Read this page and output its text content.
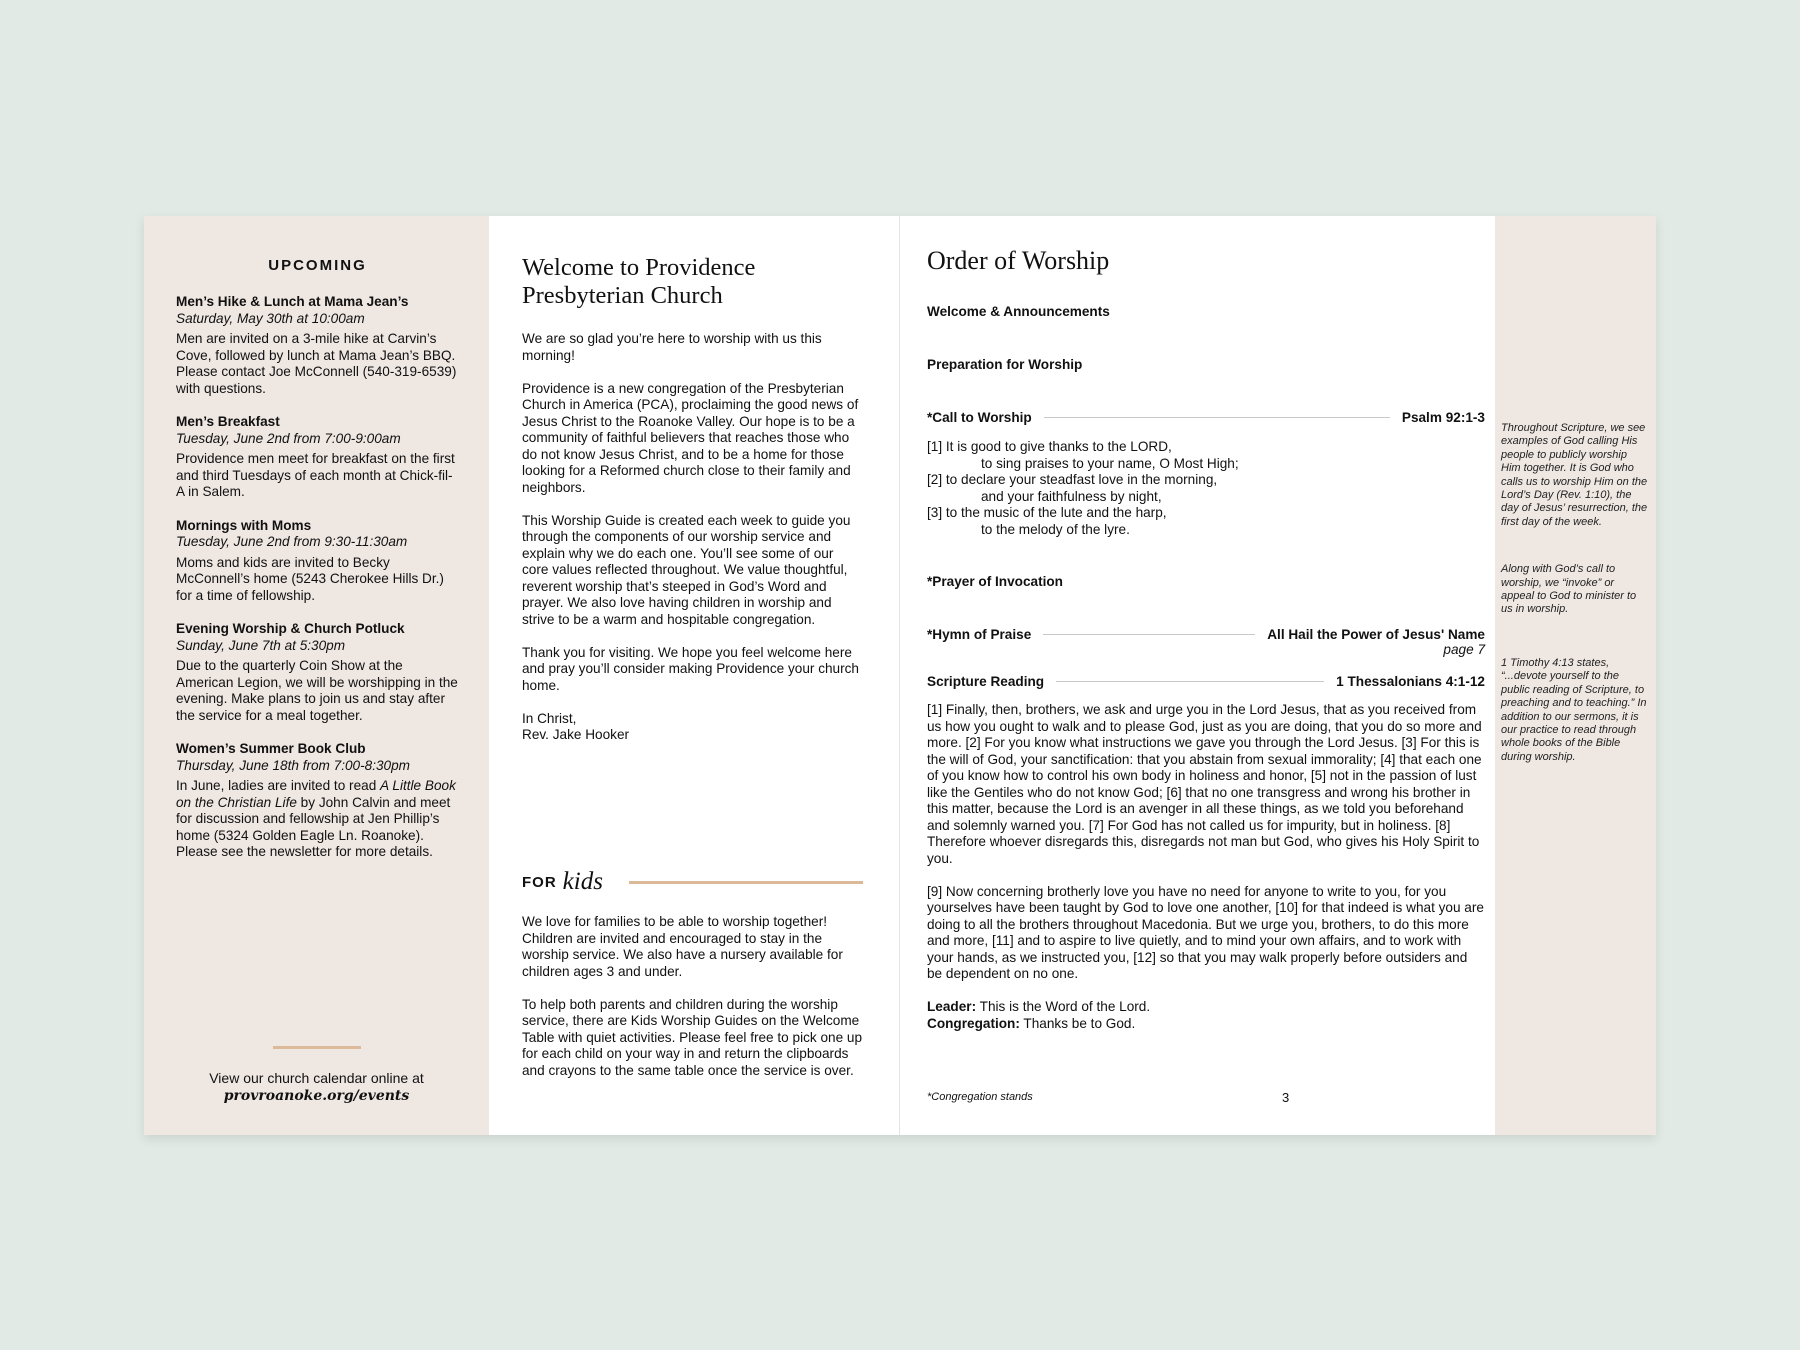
UPCOMING
Men’s Hike & Lunch at Mama Jean’s
Saturday, May 30th at 10:00am
Men are invited on a 3-mile hike at Carvin’s Cove, followed by lunch at Mama Jean’s BBQ. Please contact Joe McConnell (540-319-6539) with questions.
Men’s Breakfast
Tuesday, June 2nd from 7:00-9:00am
Providence men meet for breakfast on the first and third Tuesdays of each month at Chick-fil-A in Salem.
Mornings with Moms
Tuesday, June 2nd from 9:30-11:30am
Moms and kids are invited to Becky McConnell’s home (5243 Cherokee Hills Dr.) for a time of fellowship.
Evening Worship & Church Potluck
Sunday, June 7th at 5:30pm
Due to the quarterly Coin Show at the American Legion, we will be worshipping in the evening. Make plans to join us and stay after the service for a meal together.
Women’s Summer Book Club
Thursday, June 18th from 7:00-8:30pm
In June, ladies are invited to read A Little Book on the Christian Life by John Calvin and meet for discussion and fellowship at Jen Phillip’s home (5324 Golden Eagle Ln. Roanoke). Please see the newsletter for more details.
View our church calendar online at
provroanoke.org/events
Welcome to Providence
Presbyterian Church

We are so glad you’re here to worship with us this morning!

Providence is a new congregation of the Presbyterian Church in America (PCA), proclaiming the good news of Jesus Christ to the Roanoke Valley. Our hope is to be a community of faithful believers that reaches those who do not know Jesus Christ, and to be a home for those looking for a Reformed church close to their family and neighbors.

This Worship Guide is created each week to guide you through the components of our worship service and explain why we do each one. You’ll see some of our core values reflected throughout. We value thoughtful, reverent worship that’s steeped in God’s Word and prayer. We also love having children in worship and strive to be a warm and hospitable congregation.

Thank you for visiting. We hope you feel welcome here and pray you’ll consider making Providence your church home.

In Christ,
Rev. Jake Hooker

FOR kids

We love for families to be able to worship together! Children are invited and encouraged to stay in the worship service. We also have a nursery available for children ages 3 and under.

To help both parents and children during the worship service, there are Kids Worship Guides on the Welcome Table with quiet activities. Please feel free to pick one up for each child on your way in and return the clipboards and crayons to the same table once the service is over.

Order of Worship
Welcome & Announcements
Preparation for Worship
*Call to Worship	Psalm 92:1-3
[1] It is good to give thanks to the LORD,
to sing praises to your name, O Most High;
[2] to declare your steadfast love in the morning,
and your faithfulness by night,
[3] to the music of the lute and the harp,
to the melody of the lyre.
*Prayer of Invocation
*Hymn of Praise	All Hail the Power of Jesus' Name
page 7
Scripture Reading	1 Thessalonians 4:1-12

[1] Finally, then, brothers, we ask and urge you in the Lord Jesus, that as you received from us how you ought to walk and to please God, just as you are doing, that you do so more and more. [2] For you know what instructions we gave you through the Lord Jesus. [3] For this is the will of God, your sanctification: that you abstain from sexual immorality; [4] that each one of you know how to control his own body in holiness and honor, [5] not in the passion of lust like the Gentiles who do not know God; [6] that no one transgress and wrong his brother in this matter, because the Lord is an avenger in all these things, as we told you beforehand and solemnly warned you. [7] For God has not called us for impurity, but in holiness. [8] Therefore whoever disregards this, disregards not man but God, who gives his Holy Spirit to you.

[9] Now concerning brotherly love you have no need for anyone to write to you, for you yourselves have been taught by God to love one another, [10] for that indeed is what you are doing to all the brothers throughout Macedonia. But we urge you, brothers, to do this more and more, [11] and to aspire to live quietly, and to mind your own affairs, and to work with your hands, as we instructed you, [12] so that you may walk properly before outsiders and be dependent on no one.

Leader: This is the Word of the Lord.
Congregation: Thanks be to God.
*Congregation stands	3
Throughout Scripture, we see examples of God calling His people to publicly worship Him together. It is God who calls us to worship Him on the Lord’s Day (Rev. 1:10), the day of Jesus’ resurrection, the first day of the week.
Along with God’s call to worship, we “invoke” or appeal to God to minister to us in worship.
1 Timothy 4:13 states, “...devote yourself to the public reading of Scripture, to preaching and to teaching.” In addition to our sermons, it is our practice to read through whole books of the Bible during worship.
